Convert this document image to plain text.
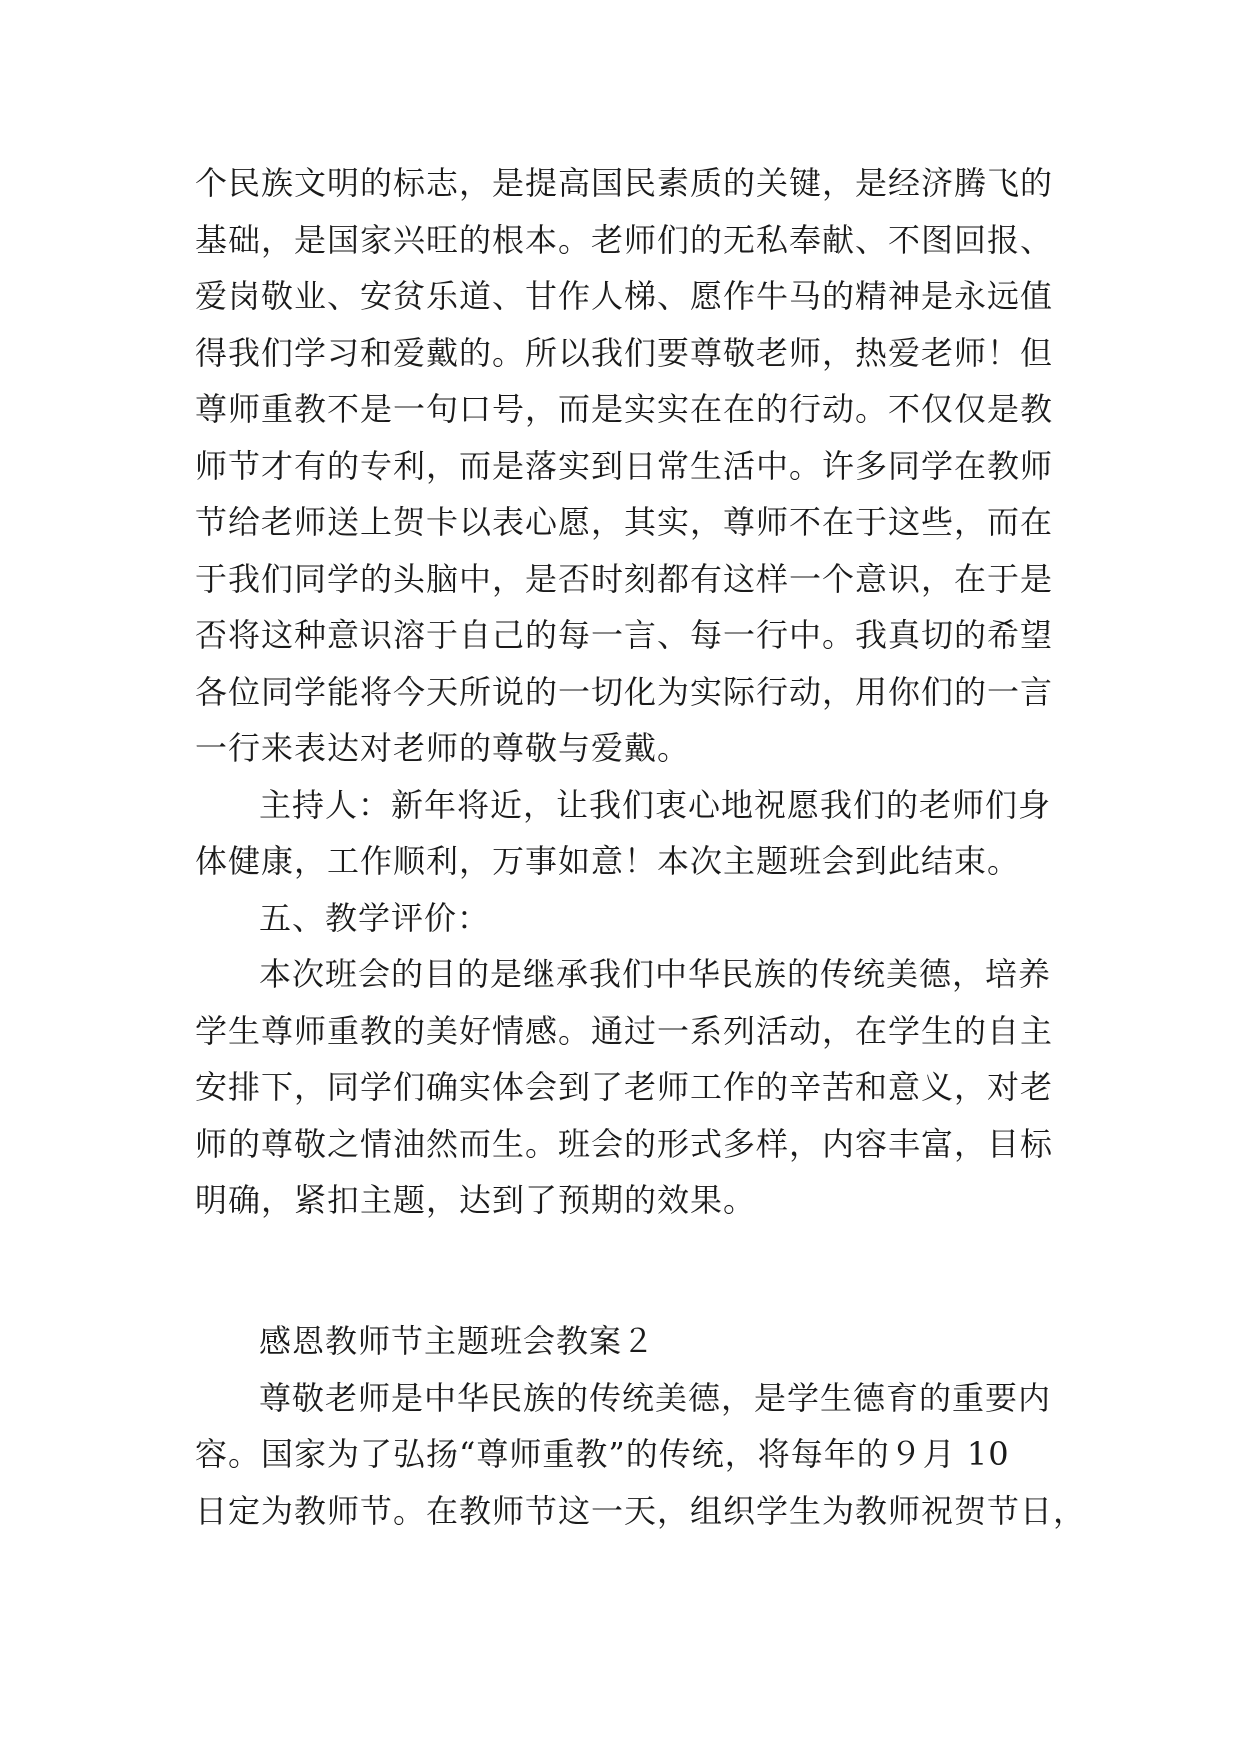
个民族文明的标志，是提高国民素质的关键，是经济腾飞的
基础，是国家兴旺的根本。老师们的无私奉献、不图回报、
爱岗敬业、安贫乐道、甘作人梯、愿作牛马的精神是永远值
得我们学习和爱戴的。所以我们要尊敬老师，热爱老师！但
尊师重教不是一句口号，而是实实在在的行动。不仅仅是教
师节才有的专利，而是落实到日常生活中。许多同学在教师
节给老师送上贺卡以表心愿，其实，尊师不在于这些，而在
于我们同学的头脑中，是否时刻都有这样一个意识，在于是
否将这种意识溶于自己的每一言、每一行中。我真切的希望
各位同学能将今天所说的一切化为实际行动，用你们的一言
一行来表达对老师的尊敬与爱戴。
主持人：新年将近，让我们衷心地祝愿我们的老师们身
体健康，工作顺利，万事如意！本次主题班会到此结束。
五、教学评价：
本次班会的目的是继承我们中华民族的传统美德，培养
学生尊师重教的美好情感。通过一系列活动，在学生的自主
安排下，同学们确实体会到了老师工作的辛苦和意义，对老
师的尊敬之情油然而生。班会的形式多样，内容丰富，目标
明确，紧扣主题，达到了预期的效果。
感恩教师节主题班会教案２
尊敬老师是中华民族的传统美德，是学生德育的重要内
容。国家为了弘扬“尊师重教”的传统，将每年的９月 10
日定为教师节。在教师节这一天，组织学生为教师祝贺节日，
